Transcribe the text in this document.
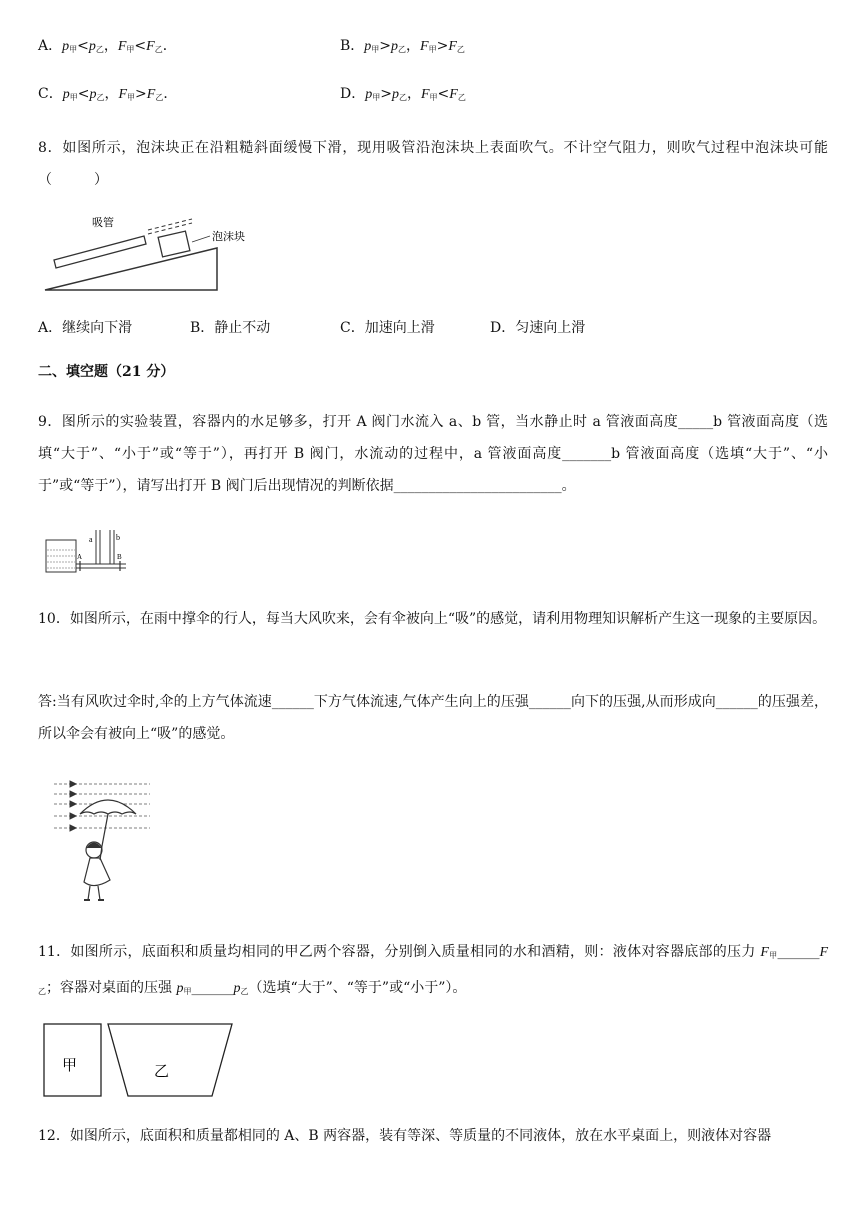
A．$p_甲<p_乙$，$F_甲<F_乙$．	B．$p_甲>p_乙$，$F_甲>F_乙$
C．$p_甲<p_乙$，$F_甲>F_乙$．	D．$p_甲>p_乙$，$F_甲<F_乙$
8．如图所示，泡沫块正在沿粗糙斜面缓慢下滑，现用吸管沿泡沫块上表面吹气。不计空气阻力，则吹气过程中泡沫块可能（　　　）
吸管
泡沫块
A．继续向下滑	B．静止不动	C．加速向上滑	D．匀速向上滑
二、填空题（21 分）
9．图所示的实验装置，容器内的水足够多，打开 A 阀门水流入 a、b 管，当水静止时 a 管液面高度_____b 管液面高度（选填“大于”、“小于”或“等于”），再打开 B 阀门，水流动的过程中，a 管液面高度_______b 管液面高度（选填“大于”、“小于”或“等于”），请写出打开 B 阀门后出现情况的判断依据________________________。
a	b
A	B
10．如图所示，在雨中撑伞的行人，每当大风吹来，会有伞被向上“吸”的感觉，请利用物理知识解析产生这一现象的主要原因。
答:当有风吹过伞时,伞的上方气体流速______下方气体流速,气体产生向上的压强______向下的压强,从而形成向______的压强差，所以伞会有被向上“吸”的感觉。
11．如图所示，底面积和质量均相同的甲乙两个容器，分别倒入质量相同的水和酒精，则：液体对容器底部的压力 $F_甲\_\_\_\_\_\_F_乙$；容器对桌面的压强 $p_甲\_\_\_\_\_\_p_乙$（选填“大于”、“等于”或“小于”）。
甲	乙
12．如图所示，底面积和质量都相同的 A、B 两容器，装有等深、等质量的不同液体，放在水平桌面上，则液体对容器
